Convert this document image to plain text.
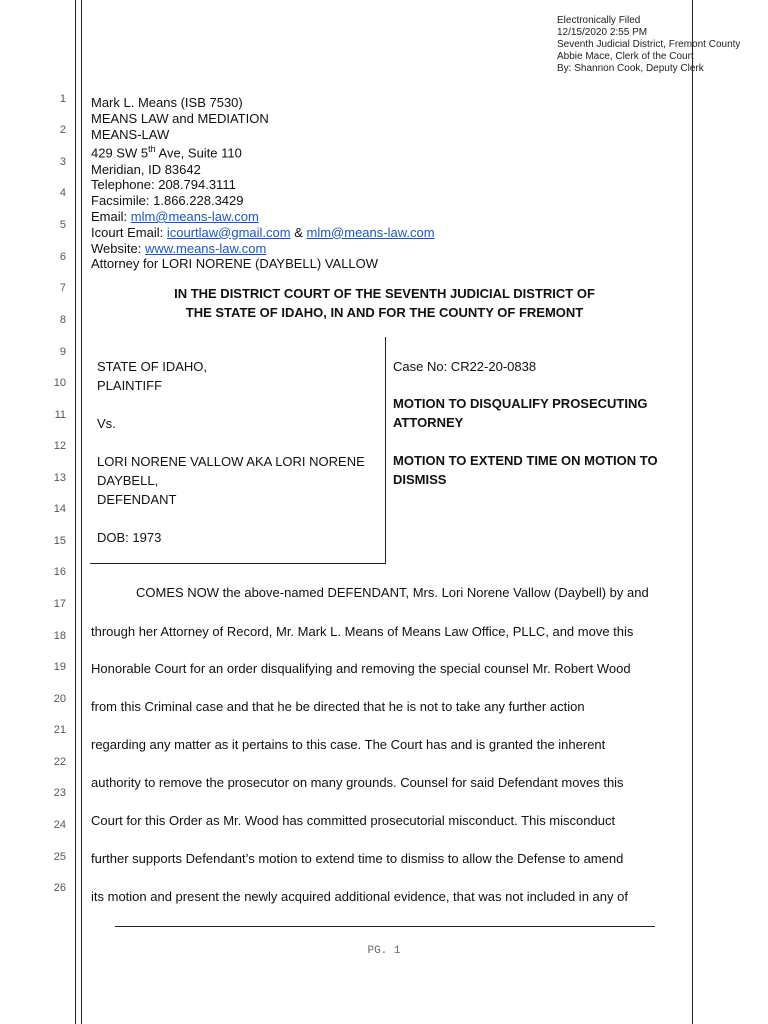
Electronically Filed
12/15/2020 2:55 PM
Seventh Judicial District, Fremont County
Abbie Mace, Clerk of the Court
By: Shannon Cook, Deputy Clerk
1
2
3
4
5
6
7
8
9
10
11
12
13
14
15
16
17
18
19
20
21
22
23
24
25
26
Mark L. Means (ISB 7530)
MEANS LAW and MEDIATION
MEANS-LAW
429 SW 5th Ave, Suite 110
Meridian, ID 83642
Telephone: 208.794.3111
Facsimile: 1.866.228.3429
Email: mlm@means-law.com
Icourt Email: icourtlaw@gmail.com & mlm@means-law.com
Website: www.means-law.com
Attorney for LORI NORENE (DAYBELL) VALLOW
IN THE DISTRICT COURT OF THE SEVENTH JUDICIAL DISTRICT OF
THE STATE OF IDAHO, IN AND FOR THE COUNTY OF FREMONT
STATE OF IDAHO,
PLAINTIFF
Vs.
LORI NORENE VALLOW AKA LORI NORENE
DAYBELL,
DEFENDANT
DOB: 1973
Case No: CR22-20-0838
MOTION TO DISQUALIFY PROSECUTING
ATTORNEY
MOTION TO EXTEND TIME ON MOTION TO
DISMISS
COMES NOW the above-named DEFENDANT, Mrs. Lori Norene Vallow (Daybell) by and
through her Attorney of Record, Mr. Mark L. Means of Means Law Office, PLLC, and move this
Honorable Court for an order disqualifying and removing the special counsel Mr. Robert Wood
from this Criminal case and that he be directed that he is not to take any further action
regarding any matter as it pertains to this case. The Court has and is granted the inherent
authority to remove the prosecutor on many grounds. Counsel for said Defendant moves this
Court for this Order as Mr. Wood has committed prosecutorial misconduct. This misconduct
further supports Defendant’s motion to extend time to dismiss to allow the Defense to amend
its motion and present the newly acquired additional evidence, that was not included in any of
PG. 1
